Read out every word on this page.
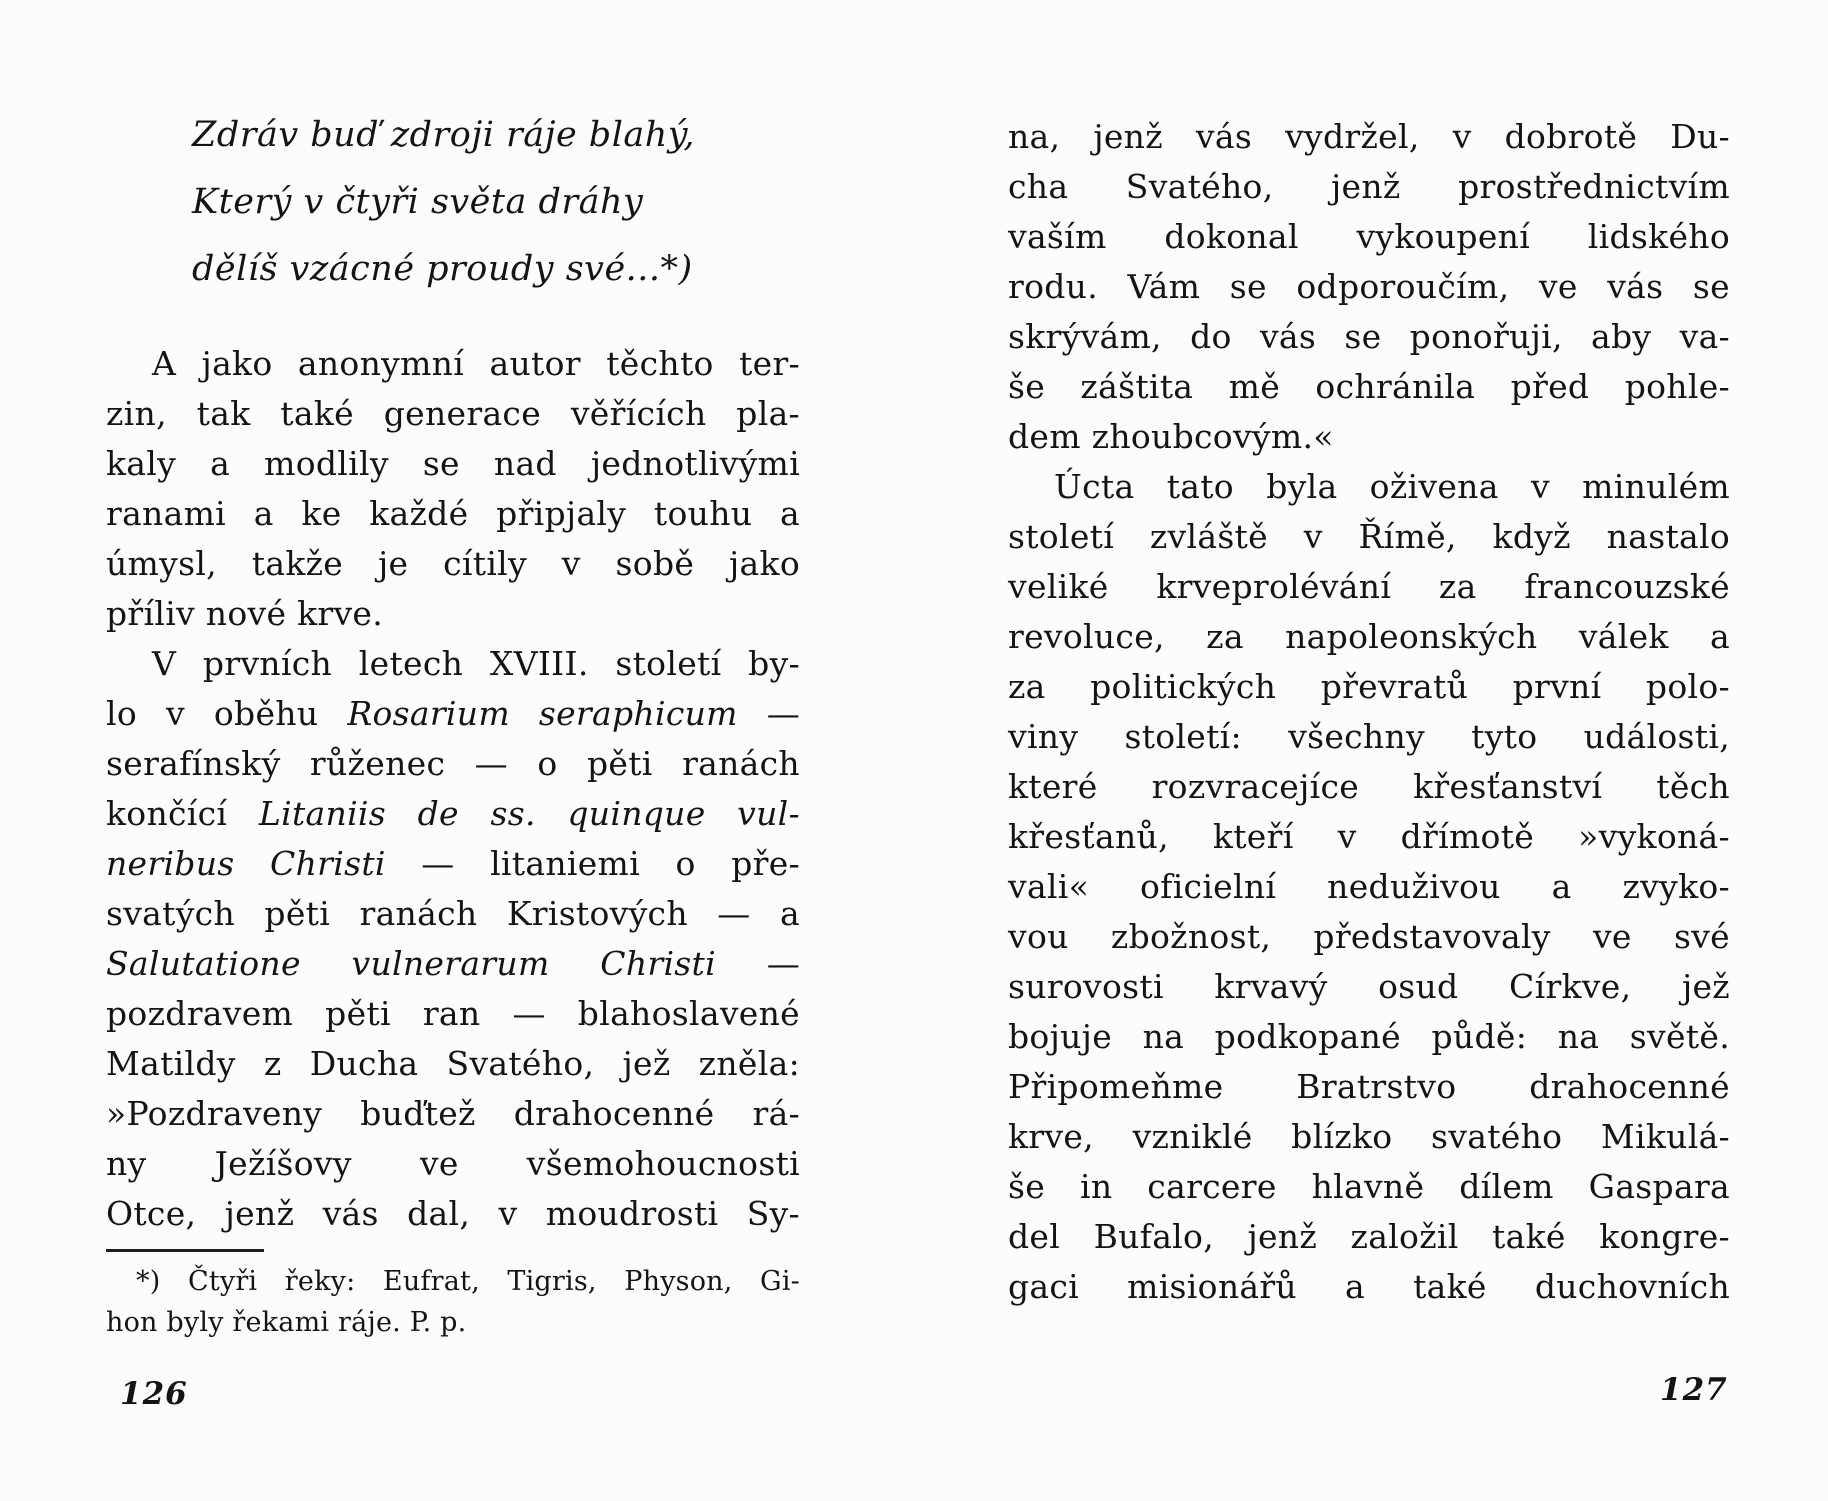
Zdráv buď zdroji ráje blahý,
Který v čtyři světa dráhy
dělíš vzácné proudy své...*)
A jako anonymní autor těchto ter-
zin, tak také generace věřících pla-
kaly a modlily se nad jednotlivými
ranami a ke každé připjaly touhu a
úmysl, takže je cítily v sobě jako
příliv nové krve.
V prvních letech XVIII. století by-
lo v oběhu Rosarium seraphicum —
serafínský růženec — o pěti ranách
končící Litaniis de ss. quinque vul-
neribus Christi — litaniemi o pře-
svatých pěti ranách Kristových — a
Salutatione vulnerarum Christi —
pozdravem pěti ran — blahoslavené
Matildy z Ducha Svatého, jež zněla:
»Pozdraveny buďtež drahocenné rá-
ny Ježíšovy ve všemohoucnosti
Otce, jenž vás dal, v moudrosti Sy-
*) Čtyři řeky: Eufrat, Tigris, Physon, Gi-
hon byly řekami ráje. P. p.
126
na, jenž vás vydržel, v dobrotě Du-
cha Svatého, jenž prostřednictvím
vaším dokonal vykoupení lidského
rodu. Vám se odporoučím, ve vás se
skrývám, do vás se ponořuji, aby va-
še záštita mě ochránila před pohle-
dem zhoubcovým.«
Úcta tato byla oživena v minulém
století zvláště v Římě, když nastalo
veliké krveprolévání za francouzské
revoluce, za napoleonských válek a
za politických převratů první polo-
viny století: všechny tyto události,
které rozvracejíce křesťanství těch
křesťanů, kteří v dřímotě »vykoná-
vali« oficielní neduživou a zvyko-
vou zbožnost, představovaly ve své
surovosti krvavý osud Církve, jež
bojuje na podkopané půdě: na světě.
Připomeňme Bratrstvo drahocenné
krve, vzniklé blízko svatého Mikulá-
še in carcere hlavně dílem Gaspara
del Bufalo, jenž založil také kongre-
gaci misionářů a také duchovních
127
